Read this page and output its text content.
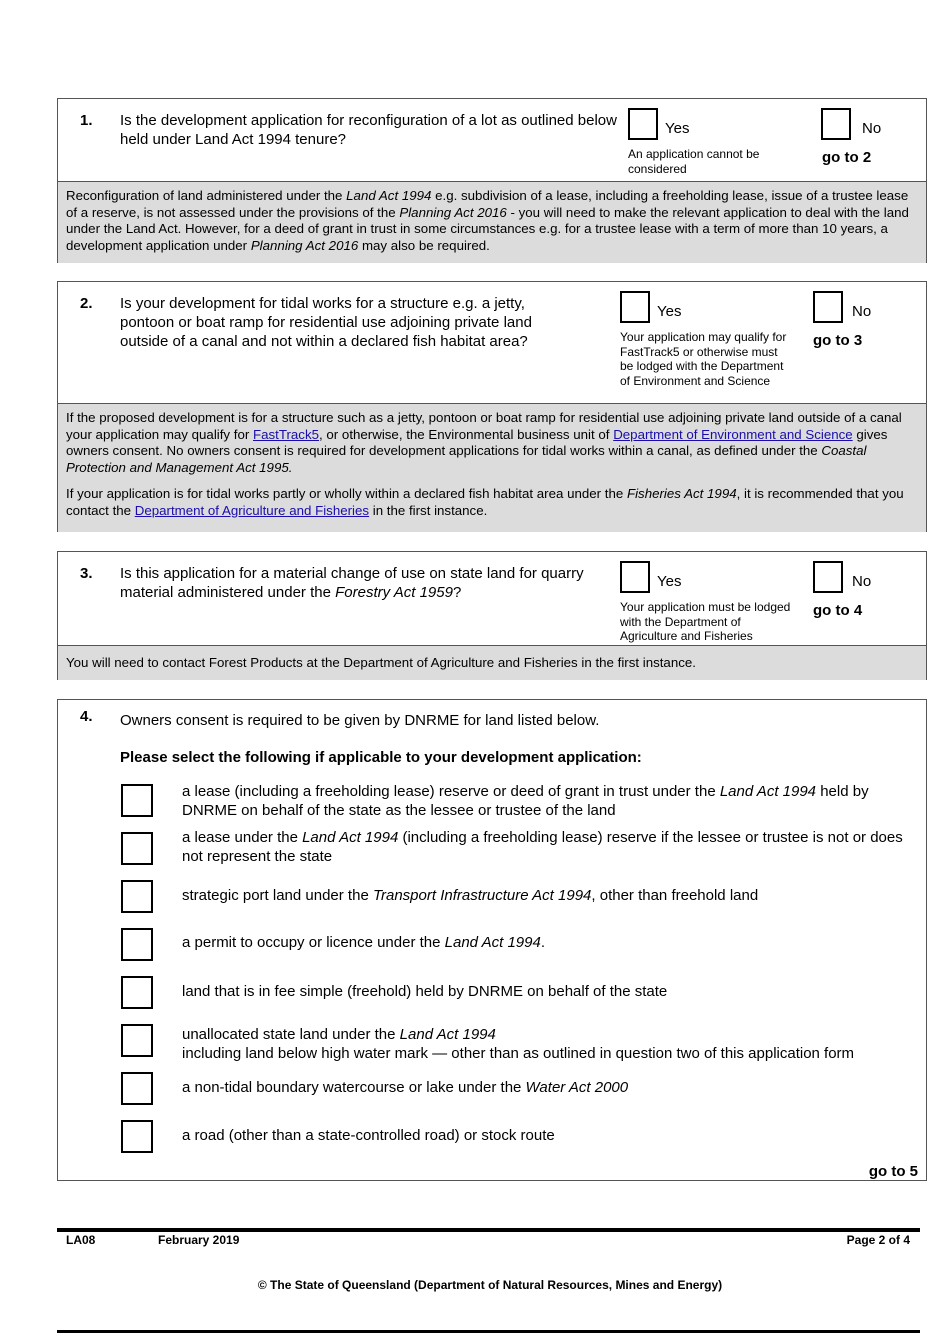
1. Is the development application for reconfiguration of a lot as outlined below held under Land Act 1994 tenure?
Yes
An application cannot be considered
No
go to 2

Reconfiguration of land administered under the Land Act 1994 e.g. subdivision of a lease, including a freeholding lease, issue of a trustee lease of a reserve, is not assessed under the provisions of the Planning Act 2016 - you will need to make the relevant application to deal with the land under the Land Act. However, for a deed of grant in trust in some circumstances e.g. for a trustee lease with a term of more than 10 years, a development application under Planning Act 2016 may also be required.

2. Is your development for tidal works for a structure e.g. a jetty, pontoon or boat ramp for residential use adjoining private land outside of a canal and not within a declared fish habitat area?
Yes
Your application may qualify for FastTrack5 or otherwise must be lodged with the Department of Environment and Science
No
go to 3

If the proposed development is for a structure such as a jetty, pontoon or boat ramp for residential use adjoining private land outside of a canal your application may qualify for FastTrack5, or otherwise, the Environmental business unit of Department of Environment and Science gives owners consent. No owners consent is required for development applications for tidal works within a canal, as defined under the Coastal Protection and Management Act 1995.

If your application is for tidal works partly or wholly within a declared fish habitat area under the Fisheries Act 1994, it is recommended that you contact the Department of Agriculture and Fisheries in the first instance.

3. Is this application for a material change of use on state land for quarry material administered under the Forestry Act 1959?
Yes
Your application must be lodged with the Department of Agriculture and Fisheries
No
go to 4

You will need to contact Forest Products at the Department of Agriculture and Fisheries in the first instance.

4. Owners consent is required to be given by DNRME for land listed below.
Please select the following if applicable to your development application:
a lease (including a freeholding lease) reserve or deed of grant in trust under the Land Act 1994 held by DNRME on behalf of the state as the lessee or trustee of the land
a lease under the Land Act 1994 (including a freeholding lease) reserve if the lessee or trustee is not or does not represent the state
strategic port land under the Transport Infrastructure Act 1994, other than freehold land
a permit to occupy or licence under the Land Act 1994.
land that is in fee simple (freehold) held by DNRME on behalf of the state
unallocated state land under the Land Act 1994
including land below high water mark — other than as outlined in question two of this application form
a non-tidal boundary watercourse or lake under the Water Act 2000
a road (other than a state-controlled road) or stock route
go to 5
LA08	February 2019	Page 2 of 4
© The State of Queensland (Department of Natural Resources, Mines and Energy)
